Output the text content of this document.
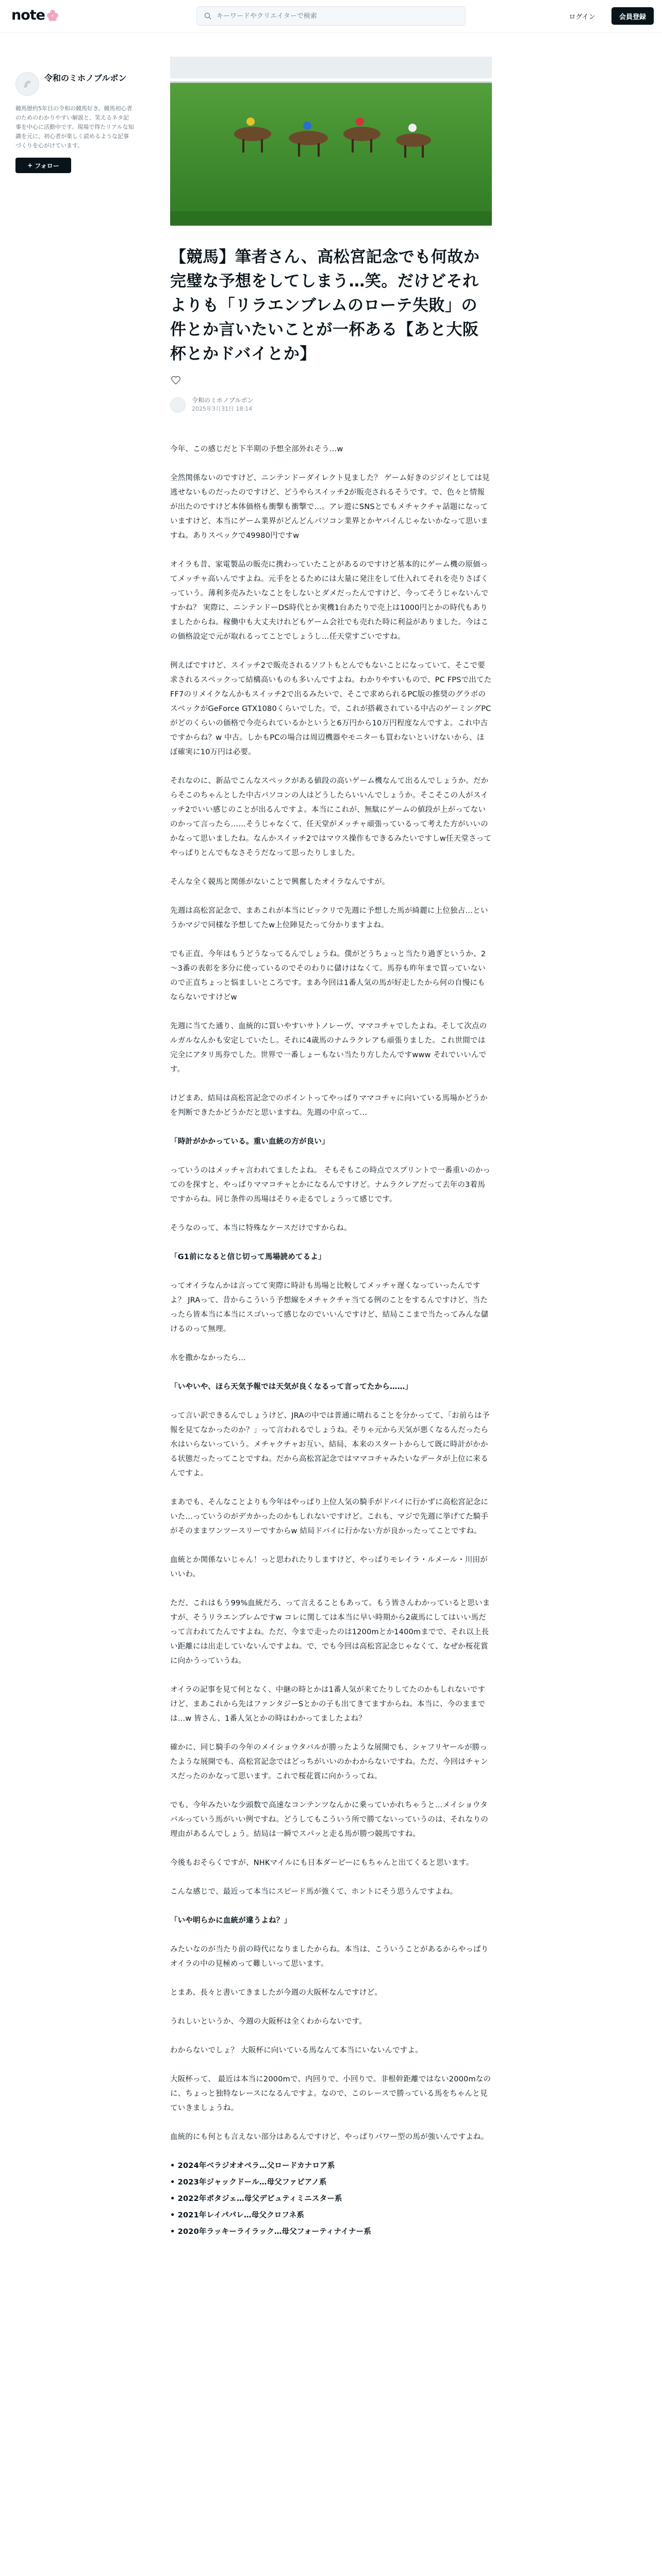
note
キーワードやクリエイターで検索	ログイン	会員登録
令和のミホノブルボン
競馬歴約5年目の令和の競馬好き。競馬初心者のためのわかりやすい解説と、笑えるネタ記事を中心に活動中です。現場で得たリアルな知識を元に、初心者が楽しく読めるような記事づくりを心がけています。
+ フォロー
【競馬】筆者さん、高松宮記念でも何故か完璧な予想をしてしまう…笑。だけどそれよりも「リラエンブレムのローテ失敗」の件とか言いたいことが一杯ある【あと大阪杯とかドバイとか】
令和のミホノブルボン
2025年3月31日 18:14

今年、この感じだと下半期の予想全部外れそう…w

全然関係ないのですけど、ニンテンドーダイレクト見ました？ ゲーム好きのジジイとしては見逃せないものだったのですけど、どうやらスイッチ2が販売されるそうです。で、色々と情報が出たのですけど本体価格も衝撃も衝撃で…。アレ遊にSNSとでもメチャクチャ話題になっていますけど、本当にゲーム業界がどんどんパソコン業界とかヤバイんじゃないかなって思いますね。ありスペックで49980円ですw

オイラも昔、家電製品の販売に携わっていたことがあるのですけど基本的にゲーム機の原価ってメッチャ高いんですよね。元手をとるためには大量に発注をして仕入れてそれを売りさばくっていう。薄利多売みたいなことをしないとダメだったんですけど、今ってそうじゃないんですかね？ 実際に、ニンテンドーDS時代とか実機1台あたりで売上は1000円とかの時代もありましたからね。稼働中も大丈夫けれどもゲーム会社でも売れた時に利益がありました。今はこの価格設定で元が取れるってことでしょうし…任天堂すごいですね。

例えばですけど、スイッチ2で販売されるソフトもとんでもないことになっていて、そこで要求されるスペックって結構高いものも多いんですよね。わかりやすいもので、PC FPSで出てたFF7のリメイクなんかもスイッチ2で出るみたいで、そこで求められるPC版の推奨のグラボのスペックがGeForce GTX1080くらいでした。で、これが搭載されている中古のゲーミングPCがどのくらいの価格で今売られているかというと6万円から10万円程度なんですよ。これ中古ですからね？w 中古。しかもPCの場合は周辺機器やモニターも買わないといけないから、ほぼ確実に10万円は必要。

それなのに、新品でこんなスペックがある値段の高いゲーム機なんて出るんでしょうか。だからそこのちゃんとした中古パソコンの人はどうしたらいいんでしょうか。そこそこの人がスイッチ2でいい感じのことが出るんですよ。本当にこれが、無駄にゲームの値段が上がってないのかって言ったら……そうじゃなくて、任天堂がメッチャ頑張っているって考えた方がいいのかなって思いましたね。なんかスイッチ2ではマウス操作もできるみたいですしw任天堂さってやっぱりとんでもなさそうだなって思ったりしました。

そんな全く競馬と関係がないことで興奮したオイラなんですが。

先週は高松宮記念で、まあこれが本当にビックリで先週に予想した馬が綺麗に上位独占…というかマジで同様な予想してたw上位陣見たって分かりますよね。

でも正直、今年はもうどうなってるんでしょうね。僕がどうちょっと当たり過ぎというか、2～3番の表彰を多分に使っているのでそのわりに儲けはなくて。馬券も昨年まで買っていないので正直ちょっと悩ましいところです。まあ今回は1番人気の馬が好走したから何の自慢にもならないですけどw

先週に当てた通り、血統的に買いやすいサトノレーヴ、ママコチャでしたよね。そして次点のルガルなんかも安定していたし。それに4歳馬のナムラクレアも頑張りました。これ世間では完全にアタリ馬券でした。世界で一番しょーもない当たり方したんですwww それでいいんです。

けどまあ、結局は高松宮記念でのポイントってやっぱりママコチャに向いている馬場かどうかを判断できたかどうかだと思いますね。先週の中京って…

「時計がかかっている。重い血統の方が良い」

っていうのはメッチャ言われてましたよね。 そもそもこの時点でスプリントで一番重いのかってのを探すと、やっぱりママコチャとかになるんですけど。ナムラクレアだって去年の3着馬ですからね。同じ条件の馬場はそりゃ走るでしょうって感じです。

そうなのって、本当に特殊なケースだけですからね。

「G1前になると信じ切って馬場読めてるよ」

ってオイラなんかは言ってて実際に時計も馬場と比較してメッチャ遅くなっていったんですよ？ JRAって、昔からこういう予想線をメチャクチャ当てる例のことをするんですけど、当たったら皆本当に本当にスゴいって感じなのでいいんですけど、結局ここまで当たってみんな儲けるのって無理。

水を撒かなかったら…

「いやいや、ほら天気予報では天気が良くなるって言ってたから……」

って言い訳できるんでしょうけど、JRAの中では普通に晴れることを分かってて、「お前らは予報を見てなかったのか？」って言われるでしょうね。そりゃ元から天気が悪くなるんだったら水はいらないっていう。メチャクチャお互い、結局、本来のスタートからして既に時計がかかる状態だったってことですね。だから高松宮記念ではママコチャみたいなデータが上位に来るんですよ。

まあでも、そんなことよりも今年はやっぱり上位人気の騎手がドバイに行かずに高松宮記念にいた…っていうのがデカかったのかもしれないですけど。これも、マジで先週に挙げてた騎手がそのままワンツースリーですからw 結局ドバイに行かない方が良かったってことですね。

血統とか関係ないじゃん！っと思われたりしますけど、やっぱりモレイラ・ルメール・川田がいいわ。

ただ、これはもう99%血統だろ、って言えることもあって。もう皆さんわかっていると思いますが、そうリラエンブレムですw コレに関しては本当に早い時期から2歳馬にしてはいい馬だって言われてたんですよね。ただ、今まで走ったのは1200mとか1400mまでで、それ以上長い距離には出走していないんですよね。で、でも今回は高松宮記念じゃなくて、なぜか桜花賞に向かうっていうね。

オイラの記事を見て何となく、中継の時とかは1番人気が来てたりしてたのかもしれないですけど、まあこれから先はファンタジーSとかの子も出てきてますからね。本当に、今のままでは…w 皆さん、1番人気とかの時はわかってましたよね？

確かに、同じ騎手の今年のメイショウタバルが勝ったような展開でも、シャフリヤールが勝ったような展開でも、高松宮記念ではどっちがいいのかわからないですね。ただ、今回はチャンスだったのかなって思います。これで桜花賞に向かうってね。

でも、今年みたいな少頭数で高速なコンテンツなんかに乗っていかれちゃうと…メイショウタバルっていう馬がいい例ですね。どうしてもこういう所で勝てないっていうのは、それなりの理由があるんでしょう。結局は一瞬でスパッと走る馬が勝つ競馬ですね。

今後もおそらくですが、NHKマイルにも日本ダービーにもちゃんと出てくると思います。

こんな感じで、最近って本当にスピード馬が強くて、ホントにそう思うんですよね。

「いや明らかに血統が違うよね？」

みたいなのが当たり前の時代になりましたからね。本当は、こういうことがあるからやっぱりオイラの中の見極めって難しいって思います。

とまあ、長々と書いてきましたが今週の大阪杯なんですけど。

うれしいというか、今週の大阪杯は全くわからないです。

わからないでしょ？ 大阪杯に向いている馬なんて本当にいないんですよ。

大阪杯って、 最近は本当に2000mで、内回りで、小回りで。非根幹距離ではない2000mなのに、ちょっと独特なレースになるんですよ。なので、このレースで勝っている馬をちゃんと見ていきましょうね。

血統的にも何とも言えない部分はあるんですけど、やっぱりパワー型の馬が強いんですよね。

• 2024年ベラジオオペラ…父ロードカナロア系

• 2023年ジャックドール…母父ファピアノ系

• 2022年ポタジェ…母父デピュティミニスター系

• 2021年レイパパレ…母父クロフネ系

• 2020年ラッキーライラック…母父フォーティナイナー系
